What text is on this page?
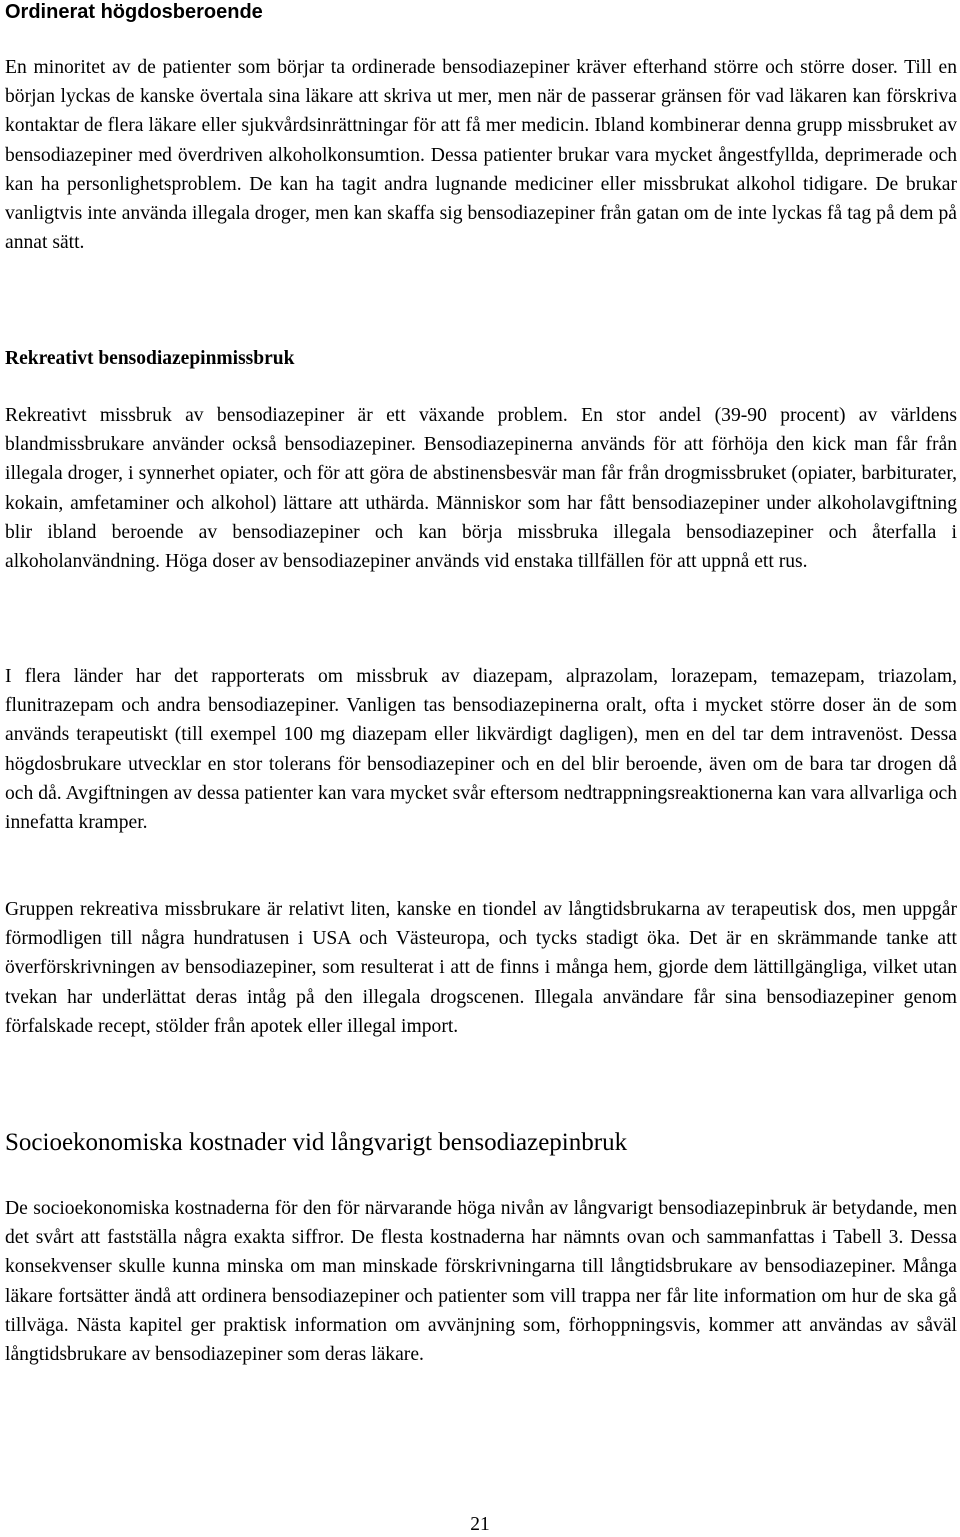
Ordinerat högdosberoende

En minoritet av de patienter som börjar ta ordinerade bensodiazepiner kräver efterhand större och större doser. Till en början lyckas de kanske övertala sina läkare att skriva ut mer, men när de passerar gränsen för vad läkaren kan förskriva kontaktar de flera läkare eller sjukvårdsinrättningar för att få mer medicin. Ibland kombinerar denna grupp missbruket av bensodiazepiner med överdriven alkoholkonsumtion. Dessa patienter brukar vara mycket ångestfyllda, deprimerade och kan ha personlighetsproblem. De kan ha tagit andra lugnande mediciner eller missbrukat alkohol tidigare. De brukar vanligtvis inte använda illegala droger, men kan skaffa sig bensodiazepiner från gatan om de inte lyckas få tag på dem på annat sätt.

Rekreativt bensodiazepinmissbruk

Rekreativt missbruk av bensodiazepiner är ett växande problem. En stor andel (39-90 procent) av världens blandmissbrukare använder också bensodiazepiner. Bensodiazepinerna används för att förhöja den kick man får från illegala droger, i synnerhet opiater, och för att göra de abstinensbesvär man får från drogmissbruket (opiater, barbiturater, kokain, amfetaminer och alkohol) lättare att uthärda. Människor som har fått bensodiazepiner under alkoholavgiftning blir ibland beroende av bensodiazepiner och kan börja missbruka illegala bensodiazepiner och återfalla i alkoholanvändning. Höga doser av bensodiazepiner används vid enstaka tillfällen för att uppnå ett rus.

I flera länder har det rapporterats om missbruk av diazepam, alprazolam, lorazepam, temazepam, triazolam, flunitrazepam och andra bensodiazepiner. Vanligen tas bensodiazepinerna oralt, ofta i mycket större doser än de som används terapeutiskt (till exempel 100 mg diazepam eller likvärdigt dagligen), men en del tar dem intravenöst. Dessa högdosbrukare utvecklar en stor tolerans för bensodiazepiner och en del blir beroende, även om de bara tar drogen då och då. Avgiftningen av dessa patienter kan vara mycket svår eftersom nedtrappningsreaktionerna kan vara allvarliga och innefatta kramper.

Gruppen rekreativa missbrukare är relativt liten, kanske en tiondel av långtidsbrukarna av terapeutisk dos, men uppgår förmodligen till några hundratusen i USA och Västeuropa, och tycks stadigt öka. Det är en skrämmande tanke att överförskrivningen av bensodiazepiner, som resulterat i att de finns i många hem, gjorde dem lättillgängliga, vilket utan tvekan har underlättat deras intåg på den illegala drogscenen. Illegala användare får sina bensodiazepiner genom förfalskade recept, stölder från apotek eller illegal import.

Socioekonomiska kostnader vid långvarigt bensodiazepinbruk

De socioekonomiska kostnaderna för den för närvarande höga nivån av långvarigt bensodiazepinbruk är betydande, men det svårt att fastställa några exakta siffror. De flesta kostnaderna har nämnts ovan och sammanfattas i Tabell 3. Dessa konsekvenser skulle kunna minska om man minskade förskrivningarna till långtidsbrukare av bensodiazepiner. Många läkare fortsätter ändå att ordinera bensodiazepiner och patienter som vill trappa ner får lite information om hur de ska gå tillväga. Nästa kapitel ger praktisk information om avvänjning som, förhoppningsvis, kommer att användas av såväl långtidsbrukare av bensodiazepiner som deras läkare.

21
